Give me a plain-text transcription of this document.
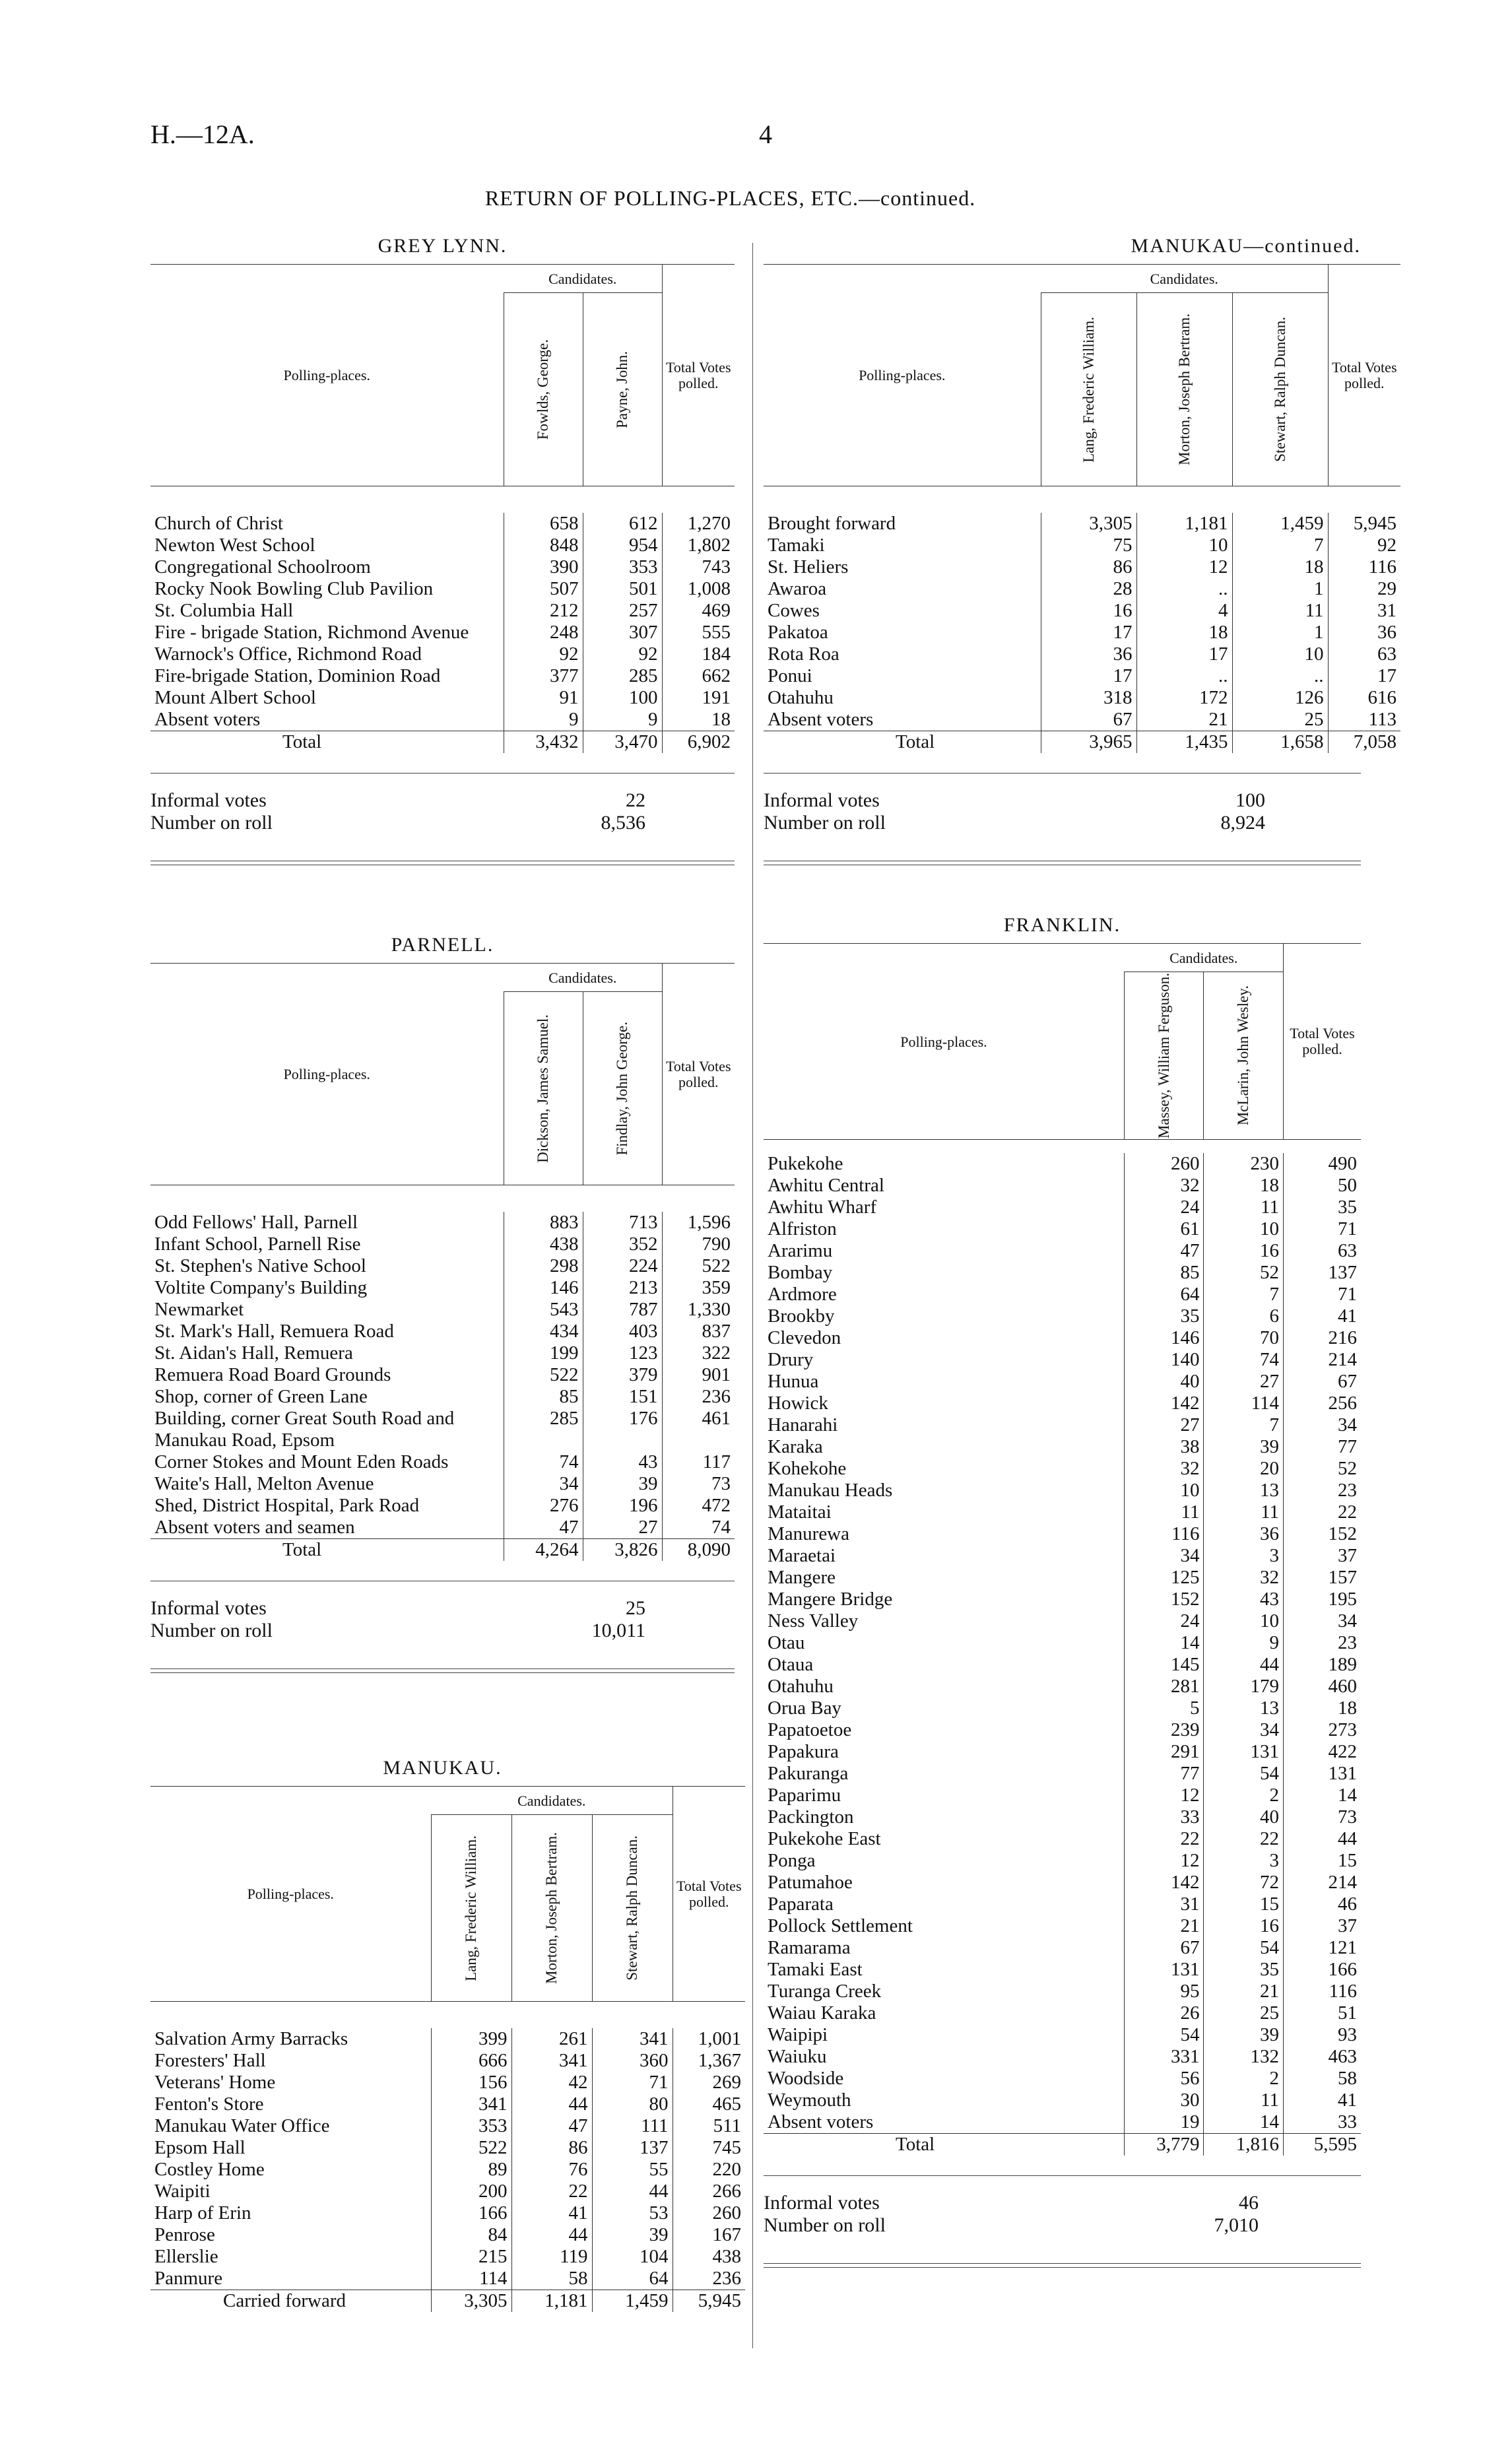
H.—12A.	4
RETURN OF POLLING-PLACES, ETC.—continued.
GREY LYNN.
Polling-places.	Candidates.		Total Votes polled.

	Fowlds, George.	Payne, John.	

Church of Christ	658	612	1,270
Newton West School	848	954	1,802
Congregational Schoolroom	390	353	743
Rocky Nook Bowling Club Pavilion	507	501	1,008
St. Columbia Hall	212	257	469
Fire - brigade Station, Richmond Avenue	248	307	555
Warnock's Office, Richmond Road	92	92	184
Fire-brigade Station, Dominion Road	377	285	662
Mount Albert School	91	100	191
Absent voters	9	9	18
Total	3,432	3,470	6,902
Informal votes	22
Number on roll	8,536
PARNELL.
Polling-places.	Candidates.		Total Votes polled.

	Dickson, James Samuel.	Findlay, John George.	

Odd Fellows' Hall, Parnell	883	713	1,596
Infant School, Parnell Rise	438	352	790
St. Stephen's Native School	298	224	522
Voltite Company's Building	146	213	359
Newmarket	543	787	1,330
St. Mark's Hall, Remuera Road	434	403	837
St. Aidan's Hall, Remuera	199	123	322
Remuera Road Board Grounds	522	379	901
Shop, corner of Green Lane	85	151	236
Building, corner Great South Road and Manukau Road, Epsom	285	176	461
Corner Stokes and Mount Eden Roads	74	43	117
Waite's Hall, Melton Avenue	34	39	73
Shed, District Hospital, Park Road	276	196	472
Absent voters and seamen	47	27	74
Total	4,264	3,826	8,090
Informal votes	25
Number on roll	10,011
MANUKAU.
Polling-places.	Candidates.			Total Votes polled.

	Lang, Frederic William.	Morton, Joseph Bertram.	Stewart, Ralph Duncan.	

Salvation Army Barracks	399	261	341	1,001
Foresters' Hall	666	341	360	1,367
Veterans' Home	156	42	71	269
Fenton's Store	341	44	80	465
Manukau Water Office	353	47	111	511
Epsom Hall	522	86	137	745
Costley Home	89	76	55	220
Waipiti	200	22	44	266
Harp of Erin	166	41	53	260
Penrose	84	44	39	167
Ellerslie	215	119	104	438
Panmure	114	58	64	236
Carried forward	3,305	1,181	1,459	5,945
MANUKAU—continued.
Polling-places.	Candidates.			Total Votes polled.

	Lang, Frederic William.	Morton, Joseph Bertram.	Stewart, Ralph Duncan.	

Brought forward	3,305	1,181	1,459	5,945
Tamaki	75	10	7	92
St. Heliers	86	12	18	116
Awaroa	28	..	1	29
Cowes	16	4	11	31
Pakatoa	17	18	1	36
Rota Roa	36	17	10	63
Ponui	17	..	..	17
Otahuhu	318	172	126	616
Absent voters	67	21	25	113
Total	3,965	1,435	1,658	7,058
Informal votes	100
Number on roll	8,924
FRANKLIN.
Polling-places.	Candidates.		Total Votes polled.

	Massey, William Ferguson.	McLarin, John Wesley.	

Pukekohe	260	230	490
Awhitu Central	32	18	50
Awhitu Wharf	24	11	35
Alfriston	61	10	71
Ararimu	47	16	63
Bombay	85	52	137
Ardmore	64	7	71
Brookby	35	6	41
Clevedon	146	70	216
Drury	140	74	214
Hunua	40	27	67
Howick	142	114	256
Hanarahi	27	7	34
Karaka	38	39	77
Kohekohe	32	20	52
Manukau Heads	10	13	23
Mataitai	11	11	22
Manurewa	116	36	152
Maraetai	34	3	37
Mangere	125	32	157
Mangere Bridge	152	43	195
Ness Valley	24	10	34
Otau	14	9	23
Otaua	145	44	189
Otahuhu	281	179	460
Orua Bay	5	13	18
Papatoetoe	239	34	273
Papakura	291	131	422
Pakuranga	77	54	131
Paparimu	12	2	14
Packington	33	40	73
Pukekohe East	22	22	44
Ponga	12	3	15
Patumahoe	142	72	214
Paparata	31	15	46
Pollock Settlement	21	16	37
Ramarama	67	54	121
Tamaki East	131	35	166
Turanga Creek	95	21	116
Waiau Karaka	26	25	51
Waipipi	54	39	93
Waiuku	331	132	463
Woodside	56	2	58
Weymouth	30	11	41
Absent voters	19	14	33
Total	3,779	1,816	5,595
Informal votes	46
Number on roll	7,010
